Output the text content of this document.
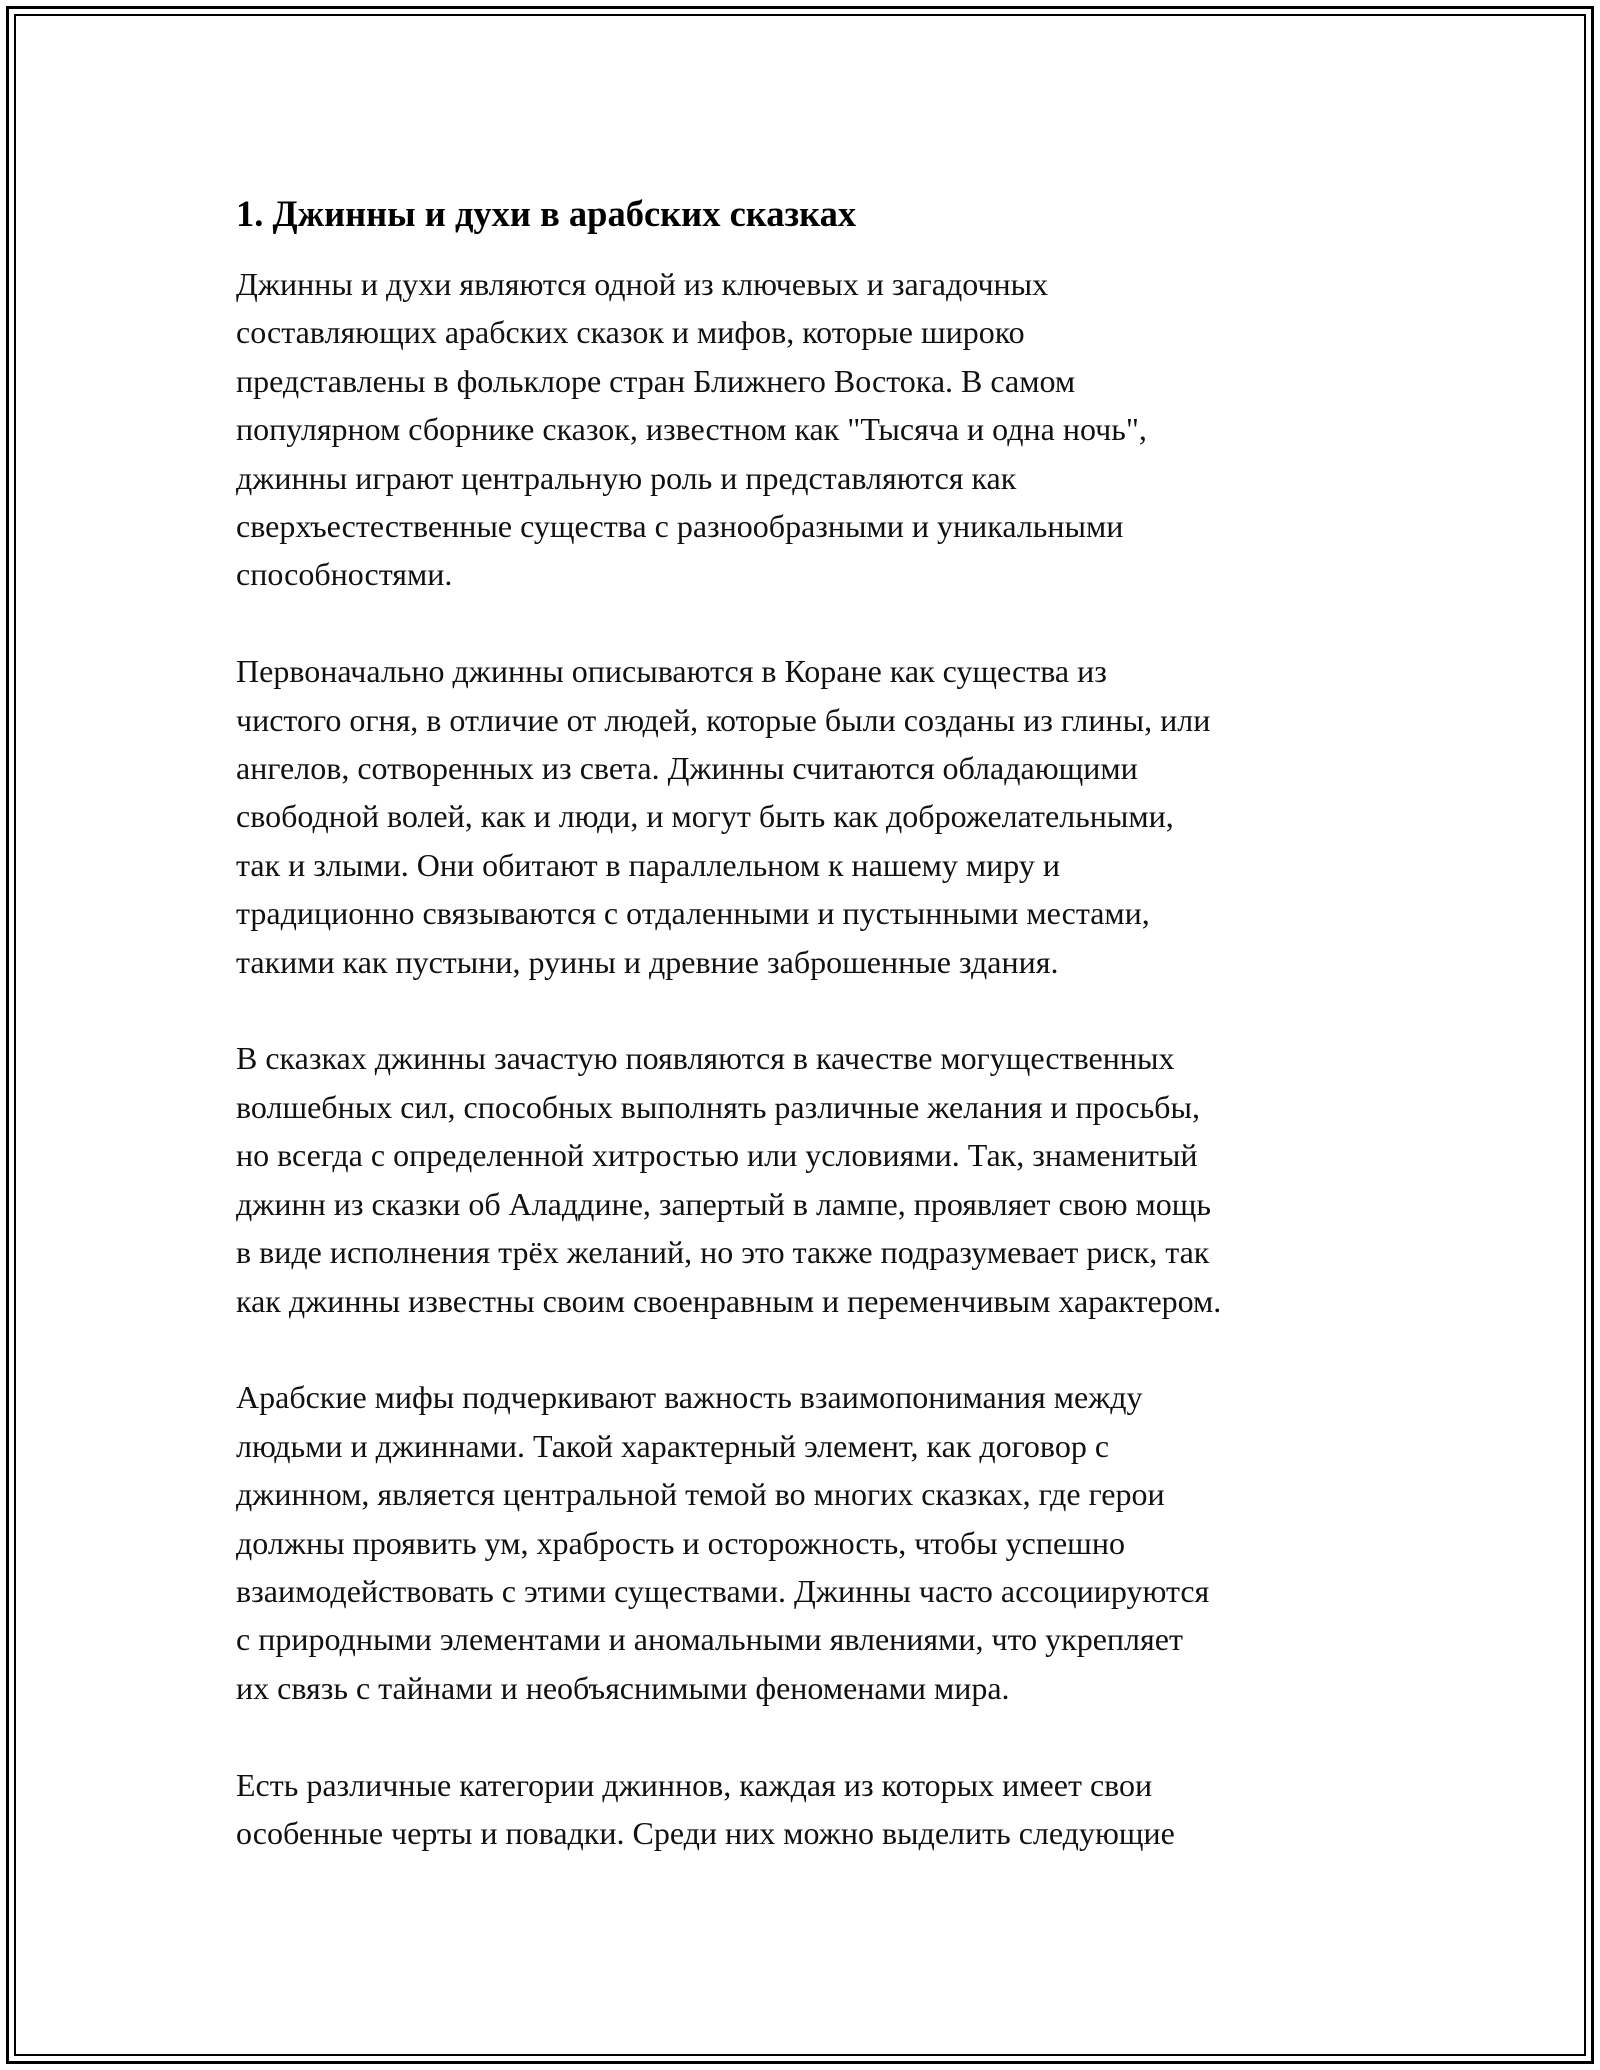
1. Джинны и духи в арабских сказках

Джинны и духи являются одной из ключевых и загадочных
составляющих арабских сказок и мифов, которые широко
представлены в фольклоре стран Ближнего Востока. В самом
популярном сборнике сказок, известном как "Тысяча и одна ночь",
джинны играют центральную роль и представляются как
сверхъестественные существа с разнообразными и уникальными
способностями.

Первоначально джинны описываются в Коране как существа из
чистого огня, в отличие от людей, которые были созданы из глины, или
ангелов, сотворенных из света. Джинны считаются обладающими
свободной волей, как и люди, и могут быть как доброжелательными,
так и злыми. Они обитают в параллельном к нашему миру и
традиционно связываются с отдаленными и пустынными местами,
такими как пустыни, руины и древние заброшенные здания.

В сказках джинны зачастую появляются в качестве могущественных
волшебных сил, способных выполнять различные желания и просьбы,
но всегда с определенной хитростью или условиями. Так, знаменитый
джинн из сказки об Аладдине, запертый в лампе, проявляет свою мощь
в виде исполнения трёх желаний, но это также подразумевает риск, так
как джинны известны своим своенравным и переменчивым характером.

Арабские мифы подчеркивают важность взаимопонимания между
людьми и джиннами. Такой характерный элемент, как договор с
джинном, является центральной темой во многих сказках, где герои
должны проявить ум, храбрость и осторожность, чтобы успешно
взаимодействовать с этими существами. Джинны часто ассоциируются
с природными элементами и аномальными явлениями, что укрепляет
их связь с тайнами и необъяснимыми феноменами мира.

Есть различные категории джиннов, каждая из которых имеет свои
особенные черты и повадки. Среди них можно выделить следующие
